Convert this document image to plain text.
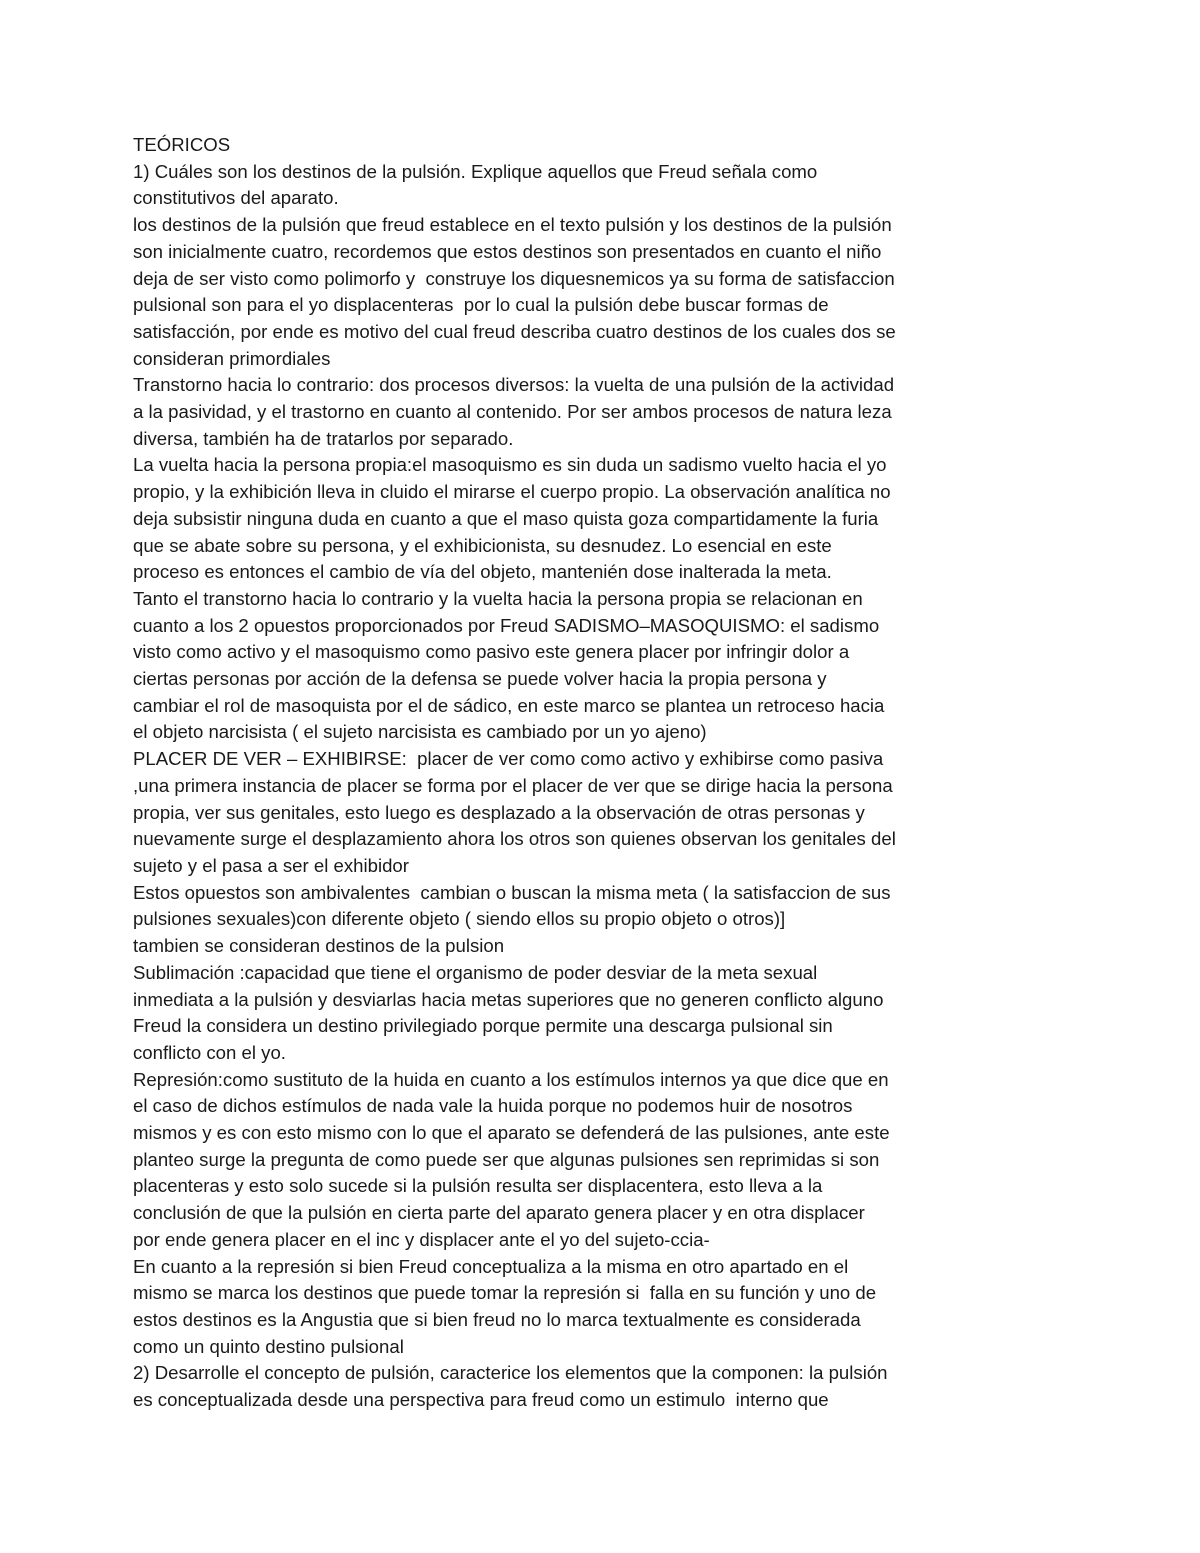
TEÓRICOS
1) Cuáles son los destinos de la pulsión. Explique aquellos que Freud señala como
constitutivos del aparato.
los destinos de la pulsión que freud establece en el texto pulsión y los destinos de la pulsión
son inicialmente cuatro, recordemos que estos destinos son presentados en cuanto el niño
deja de ser visto como polimorfo y  construye los diquesnemicos ya su forma de satisfaccion
pulsional son para el yo displacenteras  por lo cual la pulsión debe buscar formas de
satisfacción, por ende es motivo del cual freud describa cuatro destinos de los cuales dos se
consideran primordiales
Transtorno hacia lo contrario: dos procesos diversos: la vuelta de una pulsión de la actividad
a la pasividad, y el trastorno en cuanto al contenido. Por ser ambos procesos de natura leza
diversa, también ha de tratarlos por separado.
La vuelta hacia la persona propia:el masoquismo es sin duda un sadismo vuelto hacia el yo
propio, y la exhibición lleva in cluido el mirarse el cuerpo propio. La observación analítica no
deja subsistir ninguna duda en cuanto a que el maso quista goza compartidamente la furia
que se abate sobre su persona, y el exhibicionista, su desnudez. Lo esencial en este
proceso es entonces el cambio de vía del objeto, mantenién dose inalterada la meta.
Tanto el transtorno hacia lo contrario y la vuelta hacia la persona propia se relacionan en
cuanto a los 2 opuestos proporcionados por Freud SADISMO–MASOQUISMO: el sadismo
visto como activo y el masoquismo como pasivo este genera placer por infringir dolor a
ciertas personas por acción de la defensa se puede volver hacia la propia persona y
cambiar el rol de masoquista por el de sádico, en este marco se plantea un retroceso hacia
el objeto narcisista ( el sujeto narcisista es cambiado por un yo ajeno)
PLACER DE VER – EXHIBIRSE:  placer de ver como como activo y exhibirse como pasiva
,una primera instancia de placer se forma por el placer de ver que se dirige hacia la persona
propia, ver sus genitales, esto luego es desplazado a la observación de otras personas y
nuevamente surge el desplazamiento ahora los otros son quienes observan los genitales del
sujeto y el pasa a ser el exhibidor
Estos opuestos son ambivalentes  cambian o buscan la misma meta ( la satisfaccion de sus
pulsiones sexuales)con diferente objeto ( siendo ellos su propio objeto o otros)]
tambien se consideran destinos de la pulsion
Sublimación :capacidad que tiene el organismo de poder desviar de la meta sexual
inmediata a la pulsión y desviarlas hacia metas superiores que no generen conflicto alguno
Freud la considera un destino privilegiado porque permite una descarga pulsional sin
conflicto con el yo.
Represión:como sustituto de la huida en cuanto a los estímulos internos ya que dice que en
el caso de dichos estímulos de nada vale la huida porque no podemos huir de nosotros
mismos y es con esto mismo con lo que el aparato se defenderá de las pulsiones, ante este
planteo surge la pregunta de como puede ser que algunas pulsiones sen reprimidas si son
placenteras y esto solo sucede si la pulsión resulta ser displacentera, esto lleva a la
conclusión de que la pulsión en cierta parte del aparato genera placer y en otra displacer
por ende genera placer en el inc y displacer ante el yo del sujeto-ccia-
En cuanto a la represión si bien Freud conceptualiza a la misma en otro apartado en el
mismo se marca los destinos que puede tomar la represión si  falla en su función y uno de
estos destinos es la Angustia que si bien freud no lo marca textualmente es considerada
como un quinto destino pulsional
2) Desarrolle el concepto de pulsión, caracterice los elementos que la componen: la pulsión
es conceptualizada desde una perspectiva para freud como un estimulo  interno que
